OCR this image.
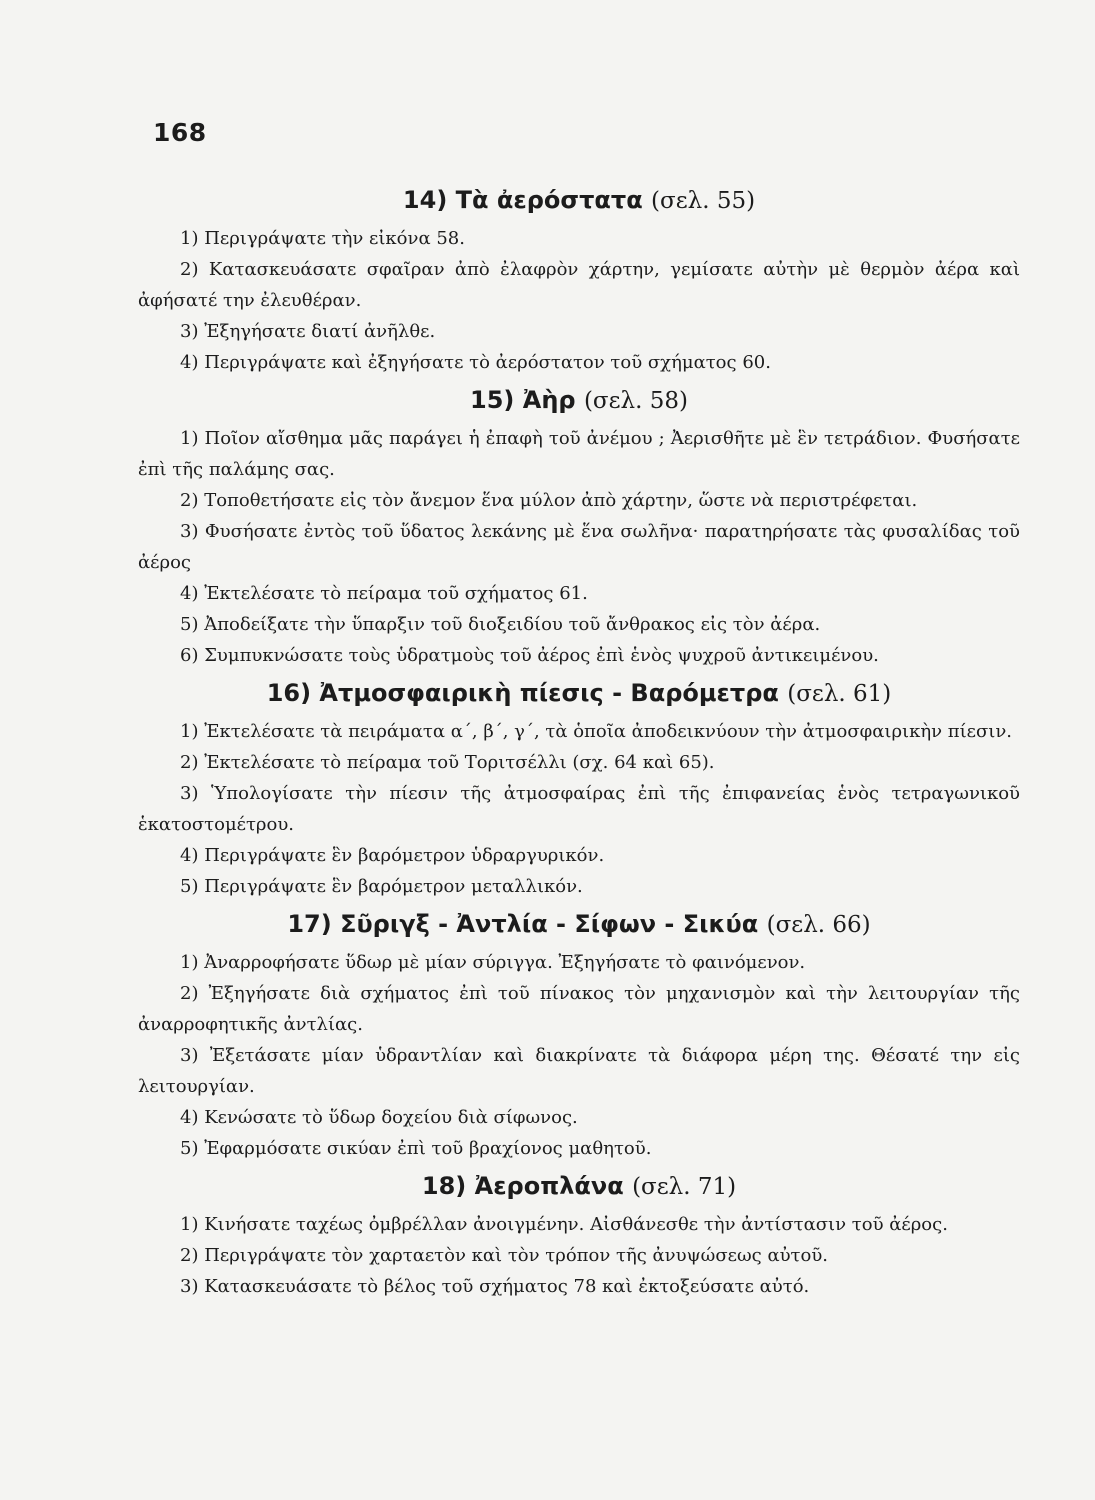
168
14) Τὰ ἀερόστατα (σελ. 55)

1) Περιγράψατε τὴν εἰκόνα 58.

2) Κατασκευάσατε σφαῖραν ἀπὸ ἐλαφρὸν χάρτην, γεμίσατε αὐτὴν μὲ θερμὸν ἀέρα καὶ ἀφήσατέ την ἐλευθέραν.

3) Ἐξηγήσατε διατί ἀνῆλθε.

4) Περιγράψατε καὶ ἐξηγήσατε τὸ ἀερόστατον τοῦ σχήματος 60.

15) Ἀὴρ (σελ. 58)

1) Ποῖον αἴσθημα μᾶς παράγει ἡ ἐπαφὴ τοῦ ἀνέμου ; Ἀερισθῆτε μὲ ἓν τετράδιον. Φυσήσατε ἐπὶ τῆς παλάμης σας.

2) Τοποθετήσατε εἰς τὸν ἄνεμον ἕνα μύλον ἀπὸ χάρτην, ὥστε νὰ περιστρέφεται.

3) Φυσήσατε ἐντὸς τοῦ ὕδατος λεκάνης μὲ ἕνα σωλῆνα· παρατηρήσατε τὰς φυσαλίδας τοῦ ἀέρος

4) Ἐκτελέσατε τὸ πείραμα τοῦ σχήματος 61.

5) Ἀποδείξατε τὴν ὕπαρξιν τοῦ διοξειδίου τοῦ ἄνθρακος εἰς τὸν ἀέρα.

6) Συμπυκνώσατε τοὺς ὑδρατμοὺς τοῦ ἀέρος ἐπὶ ἑνὸς ψυχροῦ ἀντικειμένου.

16) Ἀτμοσφαιρικὴ πίεσις - Βαρόμετρα (σελ. 61)

1) Ἐκτελέσατε τὰ πειράματα α΄, β΄, γ΄, τὰ ὁποῖα ἀποδεικνύουν τὴν ἀτμοσφαιρικὴν πίεσιν.

2) Ἐκτελέσατε τὸ πείραμα τοῦ Τοριτσέλλι (σχ. 64 καὶ 65).

3) Ὑπολογίσατε τὴν πίεσιν τῆς ἀτμοσφαίρας ἐπὶ τῆς ἐπιφανείας ἑνὸς τετραγωνικοῦ ἑκατοστομέτρου.

4) Περιγράψατε ἓν βαρόμετρον ὑδραργυρικόν.

5) Περιγράψατε ἓν βαρόμετρον μεταλλικόν.

17) Σῦριγξ - Ἀντλία - Σίφων - Σικύα (σελ. 66)

1) Ἀναρροφήσατε ὕδωρ μὲ μίαν σύριγγα. Ἐξηγήσατε τὸ φαινόμενον.

2) Ἐξηγήσατε διὰ σχήματος ἐπὶ τοῦ πίνακος τὸν μηχανισμὸν καὶ τὴν λειτουργίαν τῆς ἀναρροφητικῆς ἀντλίας.

3) Ἐξετάσατε μίαν ὑδραντλίαν καὶ διακρίνατε τὰ διάφορα μέρη της. Θέσατέ την εἰς λειτουργίαν.

4) Κενώσατε τὸ ὕδωρ δοχείου διὰ σίφωνος.

5) Ἐφαρμόσατε σικύαν ἐπὶ τοῦ βραχίονος μαθητοῦ.

18) Ἀεροπλάνα (σελ. 71)

1) Κινήσατε ταχέως ὀμβρέλλαν ἀνοιγμένην. Αἰσθάνεσθε τὴν ἀντίστασιν τοῦ ἀέρος.

2) Περιγράψατε τὸν χαρταετὸν καὶ τὸν τρόπον τῆς ἀνυψώσεως αὐτοῦ.

3) Κατασκευάσατε τὸ βέλος τοῦ σχήματος 78 καὶ ἐκτοξεύσατε αὐτό.
